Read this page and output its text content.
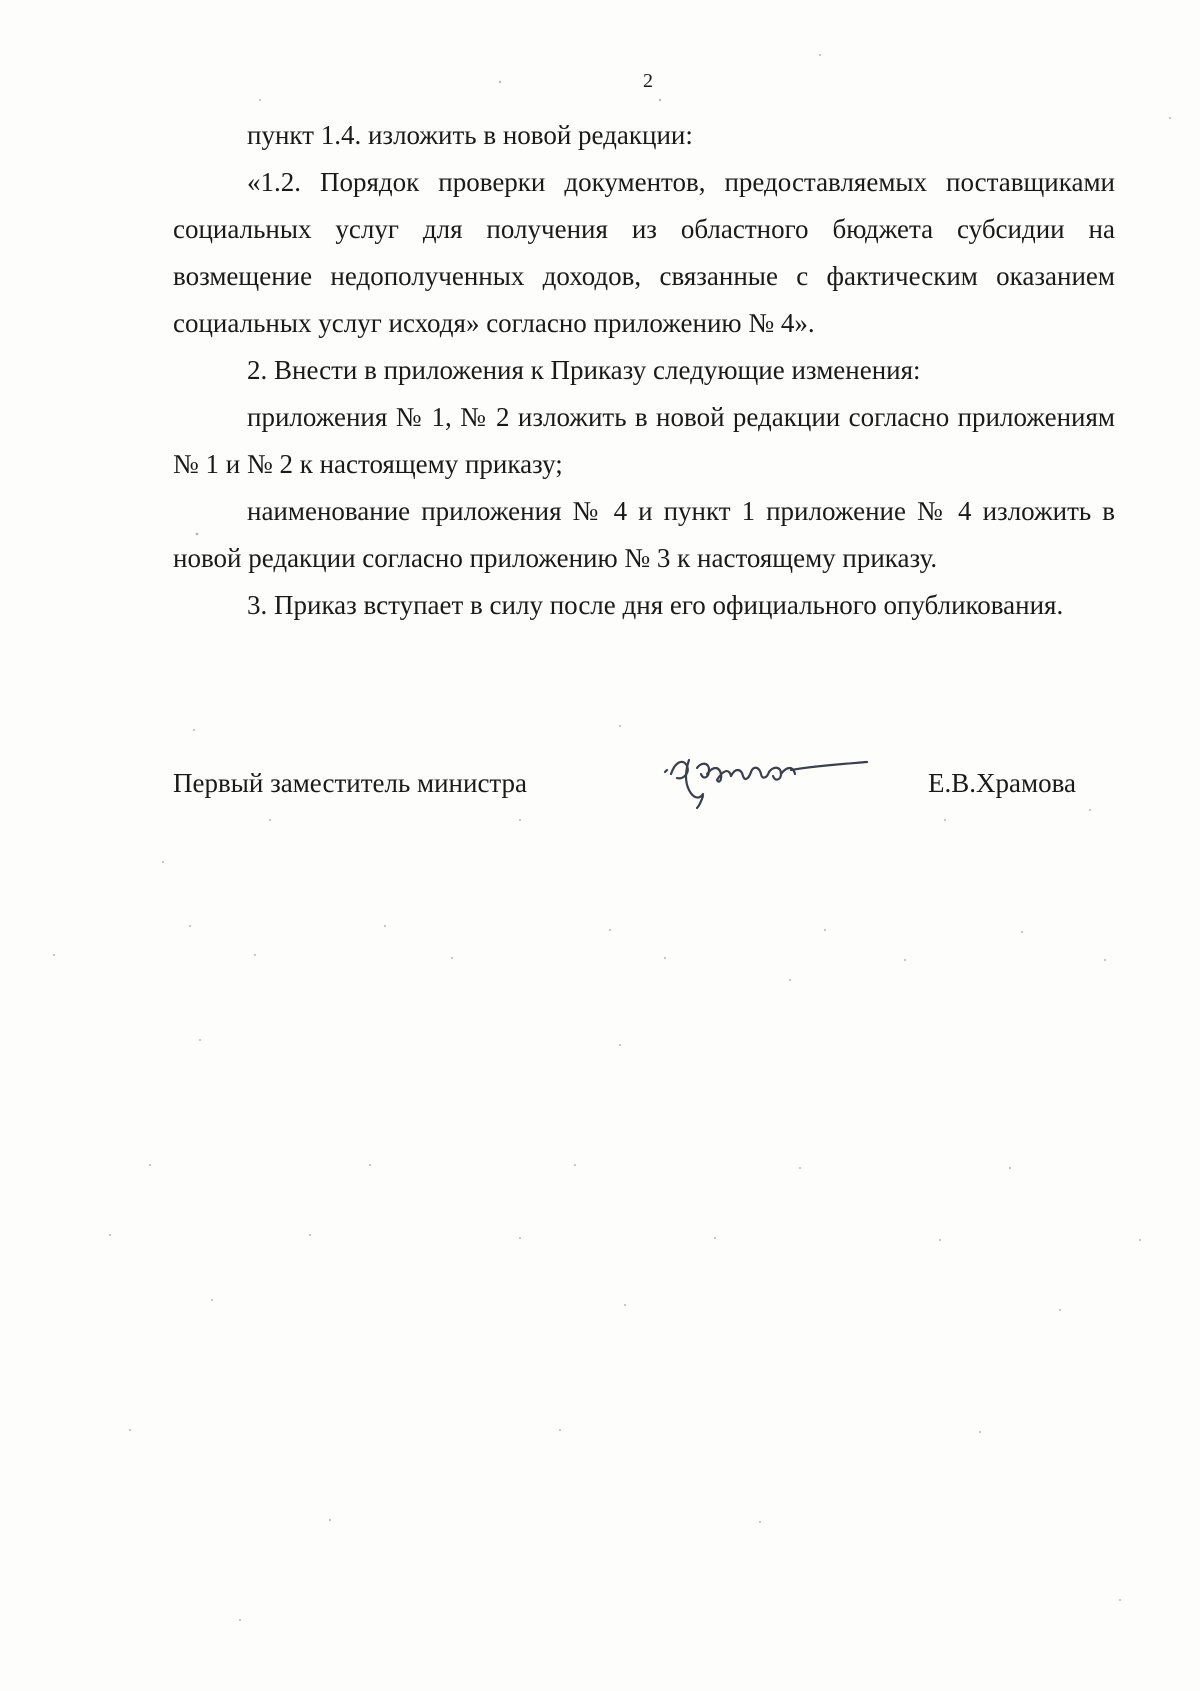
2

пункт 1.4. изложить в новой редакции:

«1.2. Порядок проверки документов, предоставляемых поставщиками социальных услуг для получения из областного бюджета субсидии на возмещение недополученных доходов, связанные с фактическим оказанием социальных услуг исходя» согласно приложению № 4».

2. Внести в приложения к Приказу следующие изменения:

приложения № 1, № 2 изложить в новой редакции согласно приложениям № 1 и № 2 к настоящему приказу;

наименование приложения № 4 и пункт 1 приложение № 4 изложить в новой редакции согласно приложению № 3 к настоящему приказу.

3. Приказ вступает в силу после дня его официального опубликования.

Первый заместитель министра
Храмова
Е.В.Храмова
